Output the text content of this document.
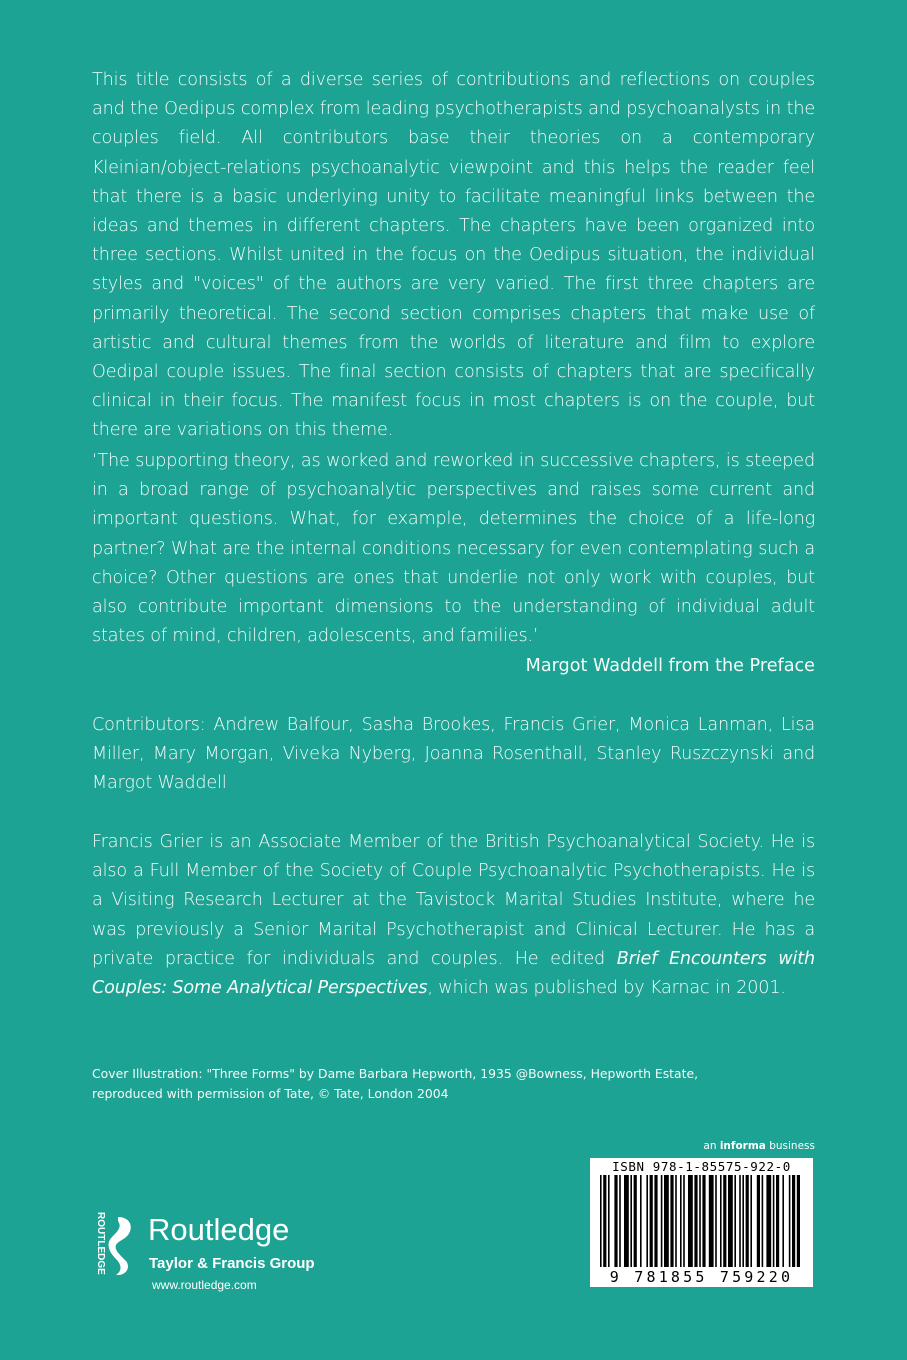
This title consists of a diverse series of contributions and reflections on couples and the Oedipus complex from leading psychotherapists and psychoanalysts in the couples field. All contributors base their theories on a contemporary Kleinian/object-relations psychoanalytic viewpoint and this helps the reader feel that there is a basic underlying unity to facilitate meaningful links between the ideas and themes in different chapters. The chapters have been organized into three sections. Whilst united in the focus on the Oedipus situation, the individual styles and "voices" of the authors are very varied. The first three chapters are primarily theoretical. The second section comprises chapters that make use of artistic and cultural themes from the worlds of literature and film to explore Oedipal couple issues. The final section consists of chapters that are specifically clinical in their focus. The manifest focus in most chapters is on the couple, but there are variations on this theme.
‘The supporting theory, as worked and reworked in successive chapters, is steeped in a broad range of psychoanalytic perspectives and raises some current and important questions. What, for example, determines the choice of a life-long partner? What are the internal conditions necessary for even contemplating such a choice? Other questions are ones that underlie not only work with couples, but also contribute important dimensions to the understanding of individual adult states of mind, children, adolescents, and families.’
Margot Waddell from the Preface
Contributors: Andrew Balfour, Sasha Brookes, Francis Grier, Monica Lanman, Lisa Miller, Mary Morgan, Viveka Nyberg, Joanna Rosenthall, Stanley Ruszczynski and Margot Waddell
Francis Grier is an Associate Member of the British Psychoanalytical Society. He is also a Full Member of the Society of Couple Psychoanalytic Psychotherapists. He is a Visiting Research Lecturer at the Tavistock Marital Studies Institute, where he was previously a Senior Marital Psychotherapist and Clinical Lecturer. He has a private practice for individuals and couples. He edited Brief Encounters with Couples: Some Analytical Perspectives, which was published by Karnac in 2001.
Cover Illustration: "Three Forms" by Dame Barbara Hepworth, 1935 @Bowness, Hepworth Estate,
reproduced with permission of Tate, © Tate, London 2004
an informa business
ISBN 978-1-85575-922-0
9 781855 759220
ROUTLEDGE Routledge
Taylor & Francis Group
www.routledge.com
